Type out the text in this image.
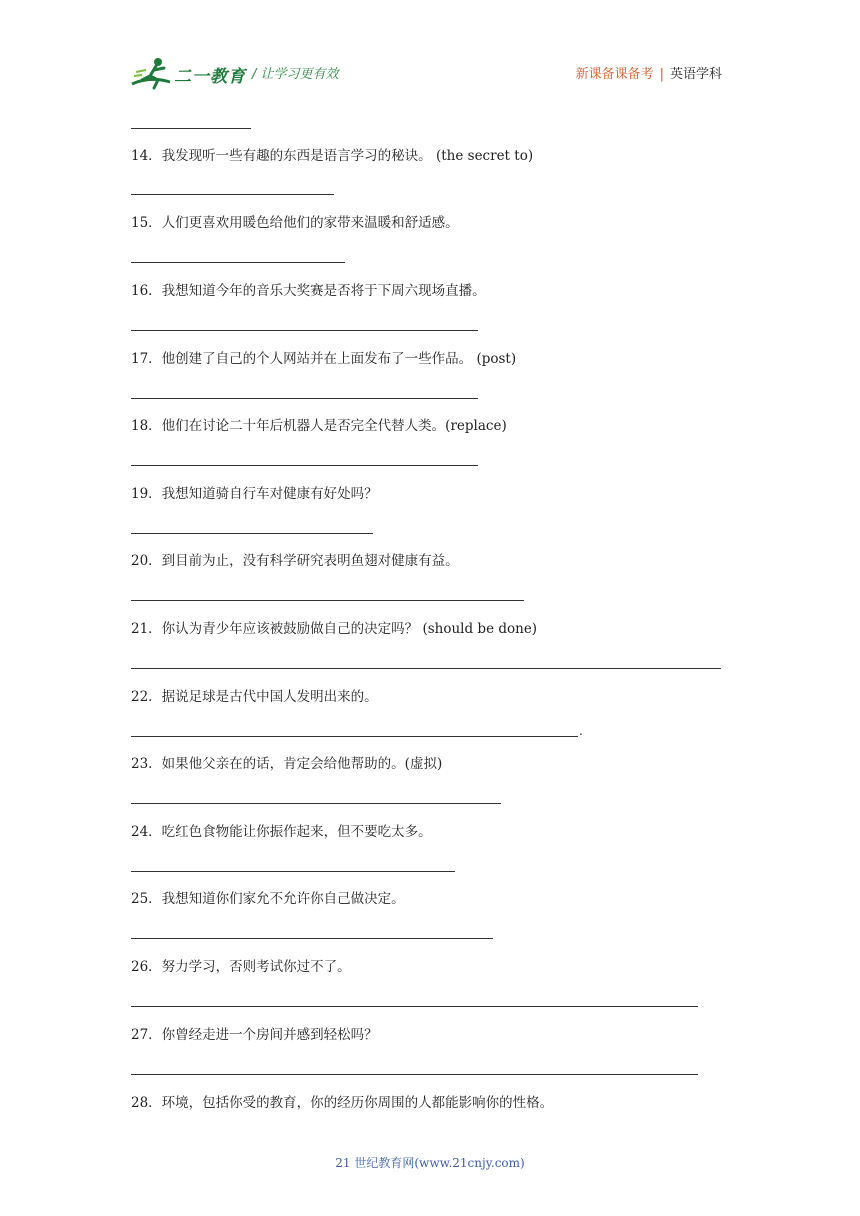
二一教育 / 让学习更有效	新课备课备考 | 英语学科
14．我发现听一些有趣的东西是语言学习的秘诀。 (the secret to)
15．人们更喜欢用暖色给他们的家带来温暖和舒适感。
16．我想知道今年的音乐大奖赛是否将于下周六现场直播。
17．他创建了自己的个人网站并在上面发布了一些作品。 (post)
18．他们在讨论二十年后机器人是否完全代替人类。(replace)
19．我想知道骑自行车对健康有好处吗？
20．到目前为止，没有科学研究表明鱼翅对健康有益。
21．你认为青少年应该被鼓励做自己的决定吗？ (should be done)
22．据说足球是古代中国人发明出来的。
.
23．如果他父亲在的话，肯定会给他帮助的。(虚拟)
24．吃红色食物能让你振作起来，但不要吃太多。
25．我想知道你们家允不允许你自己做决定。
26．努力学习，否则考试你过不了。
27．你曾经走进一个房间并感到轻松吗？
28．环境，包括你受的教育，你的经历你周围的人都能影响你的性格。
21 世纪教育网(www.21cnjy.com)
